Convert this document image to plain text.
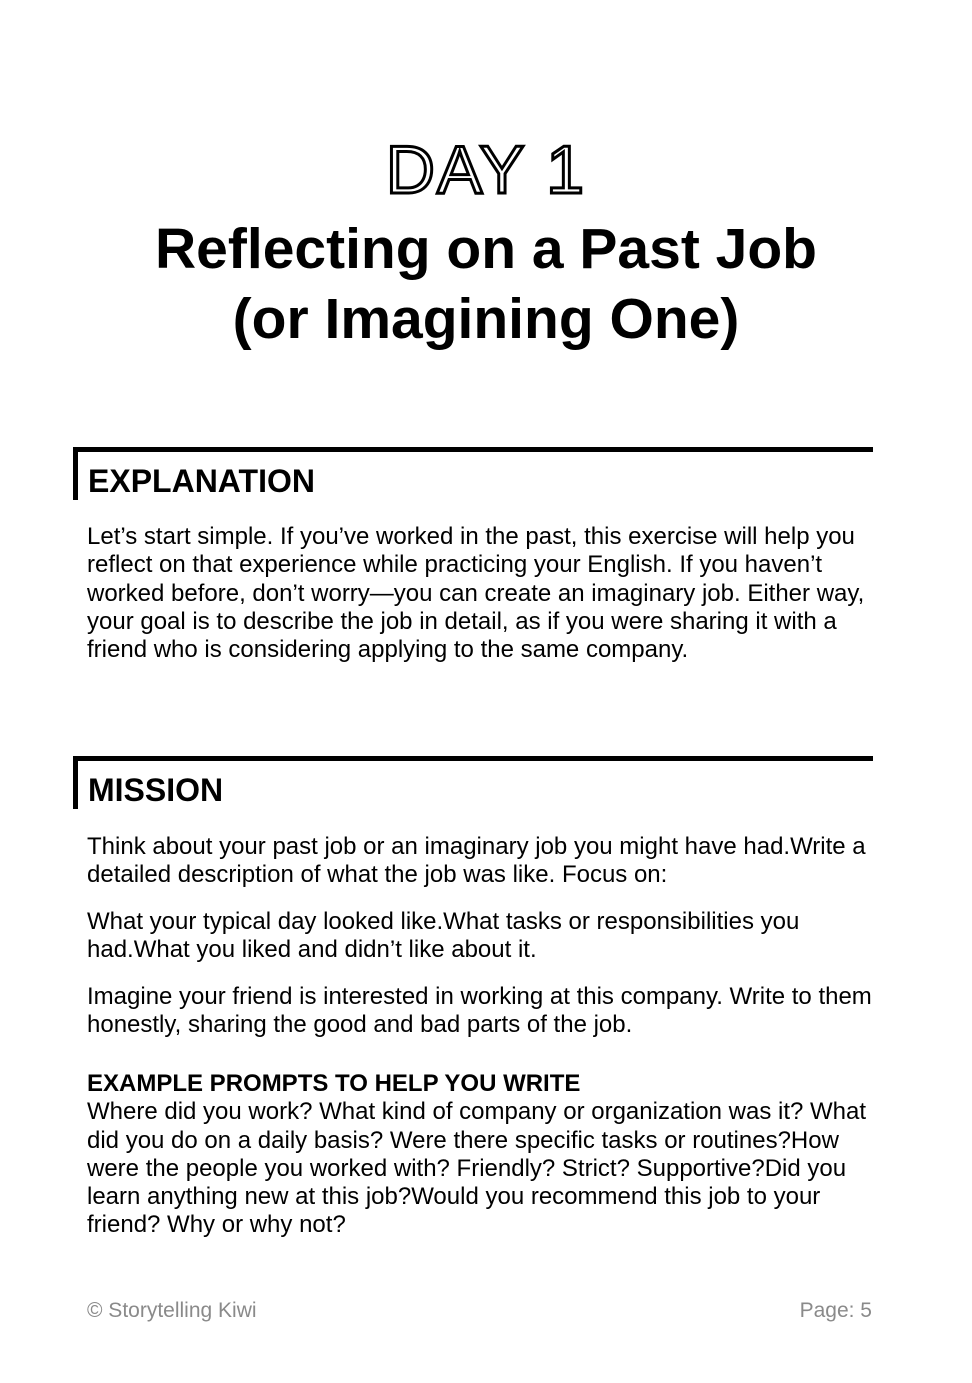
DAY 1
Reflecting on a Past Job
(or Imagining One)
EXPLANATION

Let’s start simple. If you’ve worked in the past, this exercise will help you reflect on that experience while practicing your English. If you haven’t worked before, don’t worry—you can create an imaginary job. Either way, your goal is to describe the job in detail, as if you were sharing it with a friend who is considering applying to the same company.

MISSION

Think about your past job or an imaginary job you might have had.Write a detailed description of what the job was like. Focus on:

What your typical day looked like.What tasks or responsibilities you had.What you liked and didn’t like about it.

Imagine your friend is interested in working at this company. Write to them honestly, sharing the good and bad parts of the job.

EXAMPLE PROMPTS TO HELP YOU WRITE
Where did you work? What kind of company or organization was it? What did you do on a daily basis? Were there specific tasks or routines?How were the people you worked with? Friendly? Strict? Supportive?Did you learn anything new at this job?Would you recommend this job to your friend? Why or why not?
© Storytelling Kiwi	Page: 5
